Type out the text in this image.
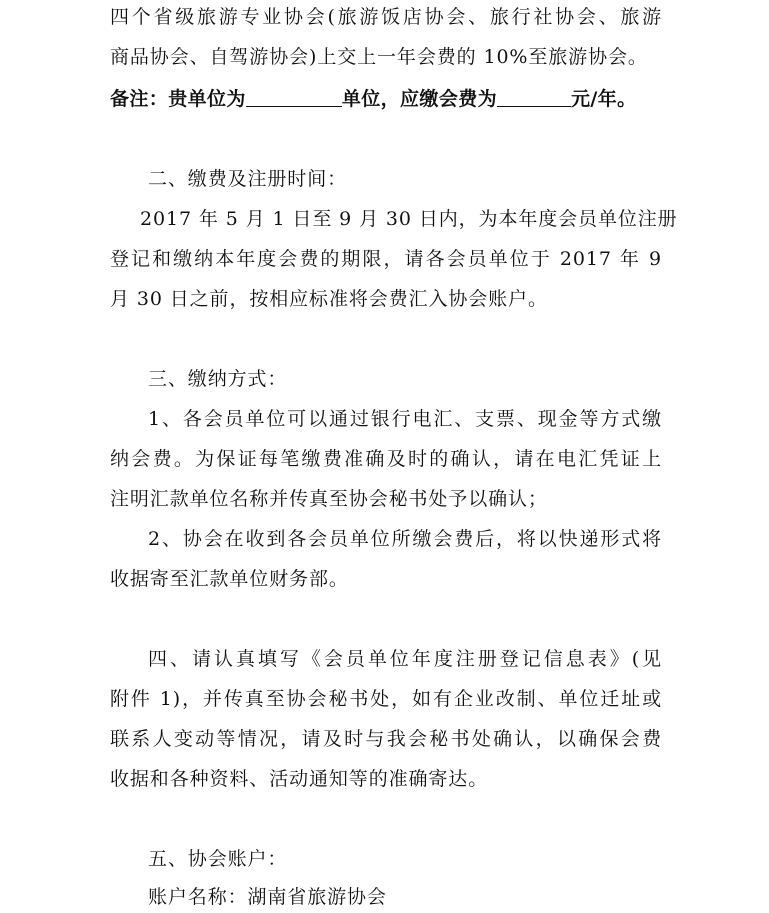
四个省级旅游专业协会(旅游饭店协会、旅行社协会、旅游
商品协会、自驾游协会)上交上一年会费的 10%至旅游协会。
备注：贵单位为	单位，应缴会费为	元/年。
二、缴费及注册时间：
2017 年 5 月 1 日至 9 月 30 日内，为本年度会员单位注册
登记和缴纳本年度会费的期限，请各会员单位于 2017 年 9
月 30 日之前，按相应标准将会费汇入协会账户。
三、缴纳方式：
1、各会员单位可以通过银行电汇、支票、现金等方式缴
纳会费。为保证每笔缴费准确及时的确认，请在电汇凭证上
注明汇款单位名称并传真至协会秘书处予以确认；
2、协会在收到各会员单位所缴会费后，将以快递形式将
收据寄至汇款单位财务部。
四、请认真填写《会员单位年度注册登记信息表》(见
附件 1)，并传真至协会秘书处，如有企业改制、单位迁址或
联系人变动等情况，请及时与我会秘书处确认，以确保会费
收据和各种资料、活动通知等的准确寄达。
五、协会账户：
账户名称：湖南省旅游协会
